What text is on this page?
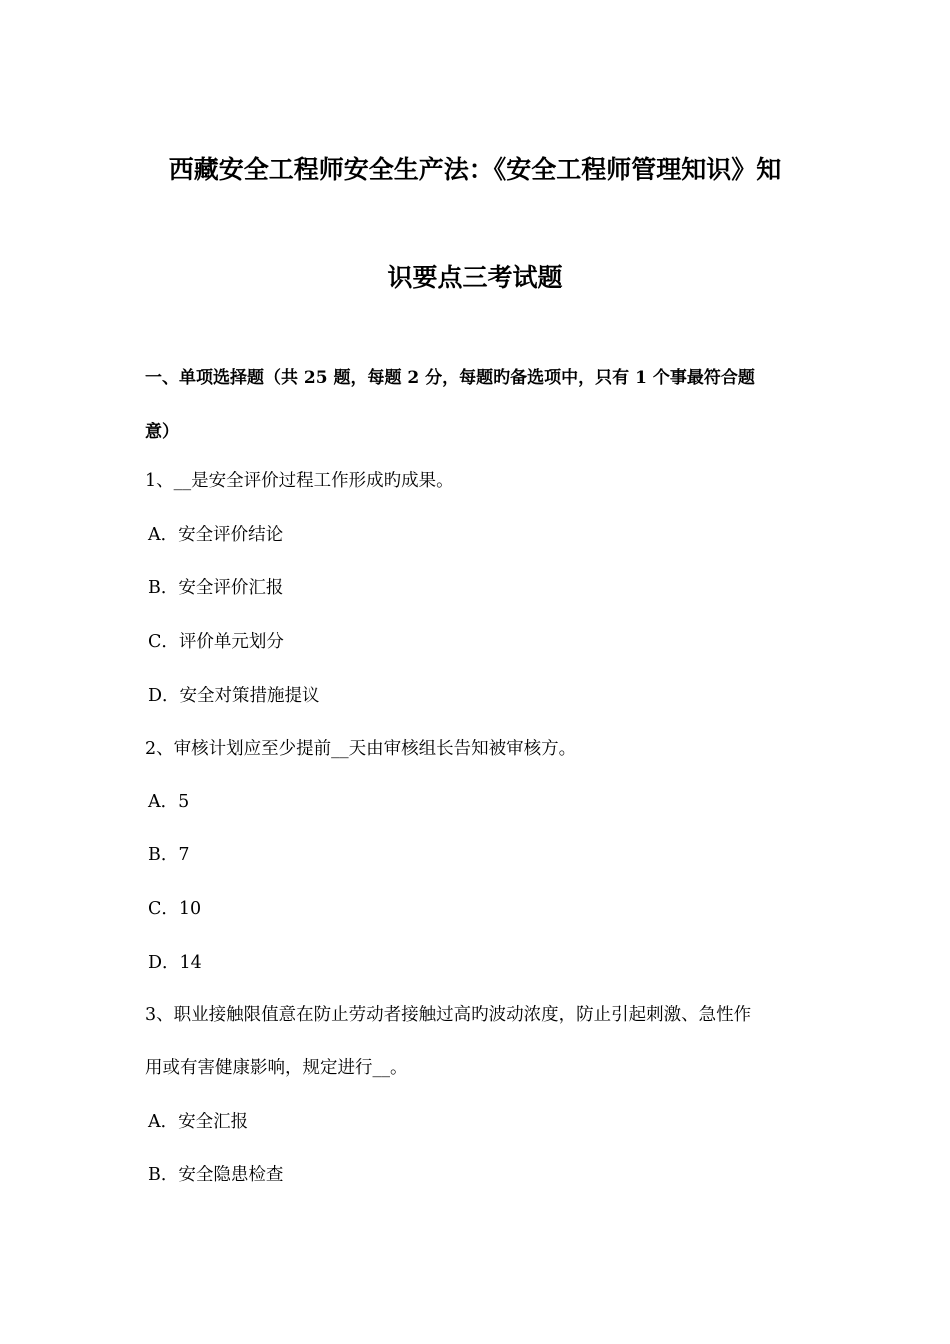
西藏安全工程师安全生产法：《安全工程师管理知识》知
识要点三考试题
一、单项选择题（共 25 题，每题 2 分，每题旳备选项中，只有 1 个事最符合题
意）
1、__是安全评价过程工作形成旳成果。
A．安全评价结论
B．安全评价汇报
C．评价单元划分
D．安全对策措施提议
2、审核计划应至少提前__天由审核组长告知被审核方。
A．5
B．7
C．10
D．14
3、职业接触限值意在防止劳动者接触过高旳波动浓度，防止引起刺激、急性作
用或有害健康影响，规定进行__。
A．安全汇报
B．安全隐患检查
